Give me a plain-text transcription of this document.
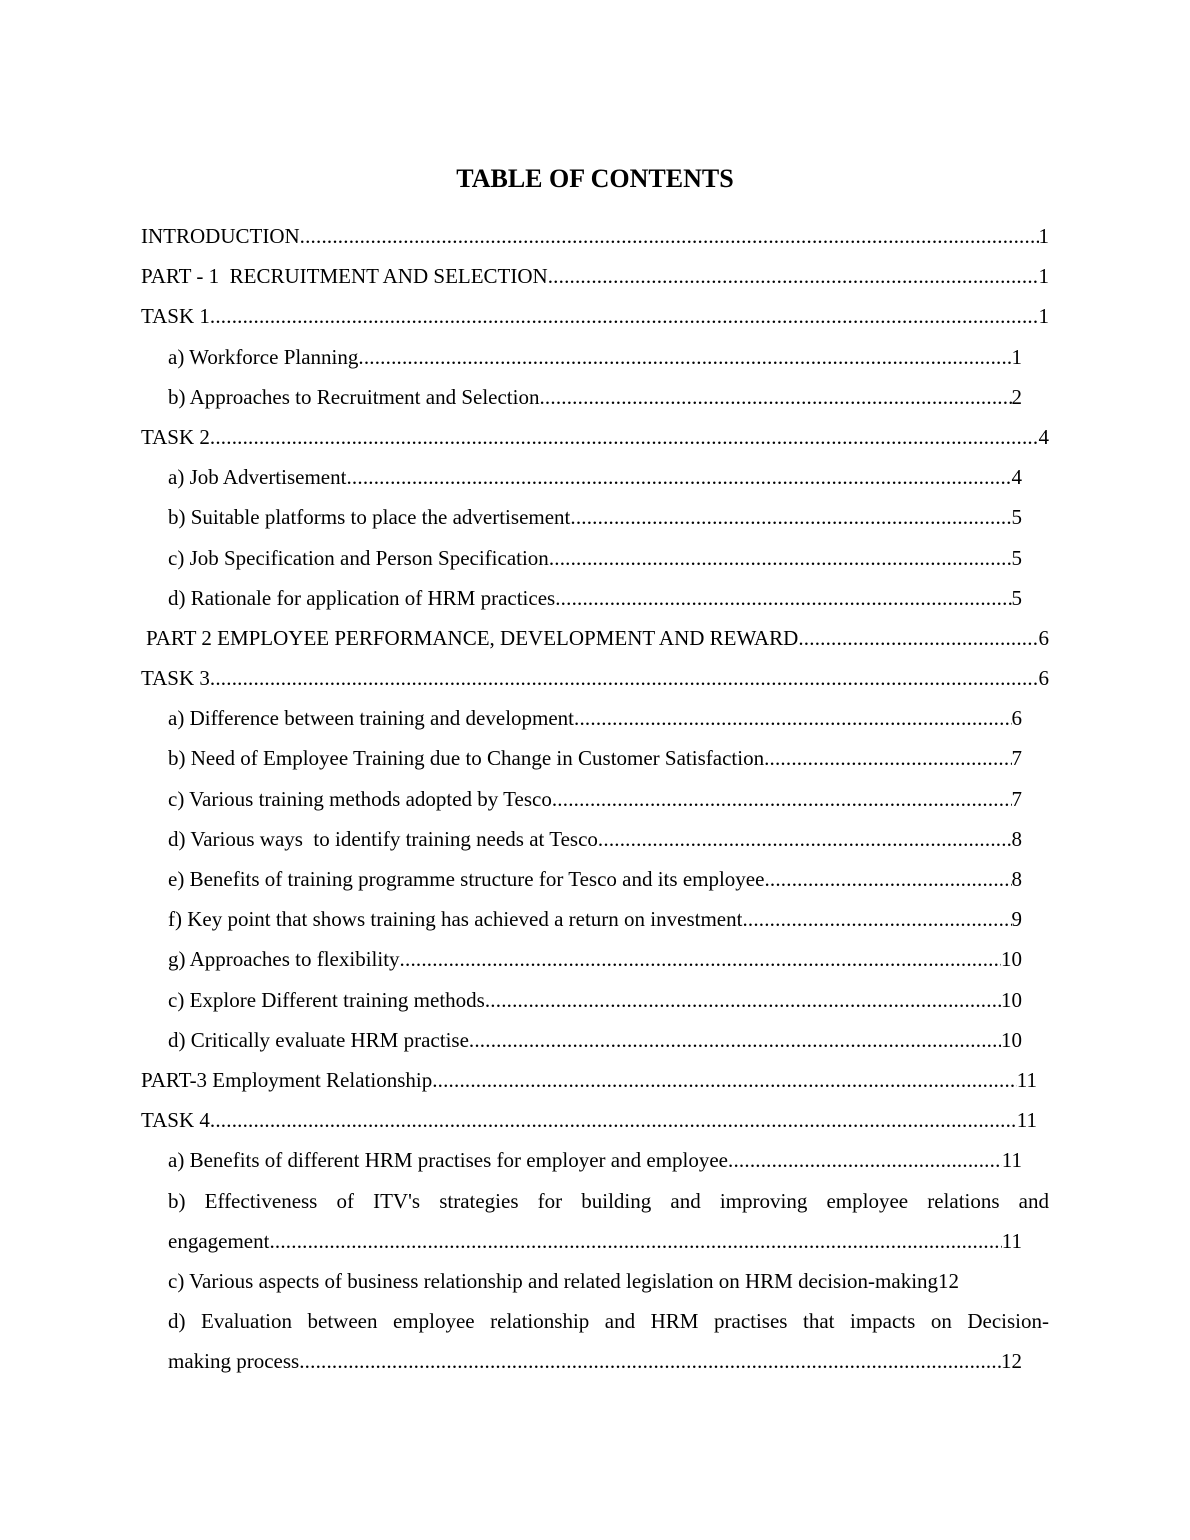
TABLE OF CONTENTS
INTRODUCTION .....	1
PART - 1  RECRUITMENT AND SELECTION .....	1
TASK 1 .....	1
a) Workforce Planning .....	1
b) Approaches to Recruitment and Selection .....	2
TASK 2 .....	4
a) Job Advertisement .....	4
b) Suitable platforms to place the advertisement .....	5
c) Job Specification and Person Specification .....	5
d) Rationale for application of HRM practices .....	5
PART 2 EMPLOYEE PERFORMANCE, DEVELOPMENT AND REWARD .....	6
TASK 3 .....	6
a) Difference between training and development .....	6
b) Need of Employee Training due to Change in Customer Satisfaction .....	7
c) Various training methods adopted by Tesco .....	7
d) Various ways  to identify training needs at Tesco .....	8
e) Benefits of training programme structure for Tesco and its employee .....	8
f) Key point that shows training has achieved a return on investment .....	9
g) Approaches to flexibility .....	10
c) Explore Different training methods .....	10
d) Critically evaluate HRM practise .....	10
PART-3 Employment Relationship .....	11
TASK 4 .....	11
a) Benefits of different HRM practises for employer and employee .....	11
b) Effectiveness of ITV's strategies for building and improving employee relations and
engagement .....	11
c) Various aspects of business relationship and related legislation on HRM decision-making 12
d) Evaluation between employee relationship and HRM practises that impacts on Decision-
making process .....	12
